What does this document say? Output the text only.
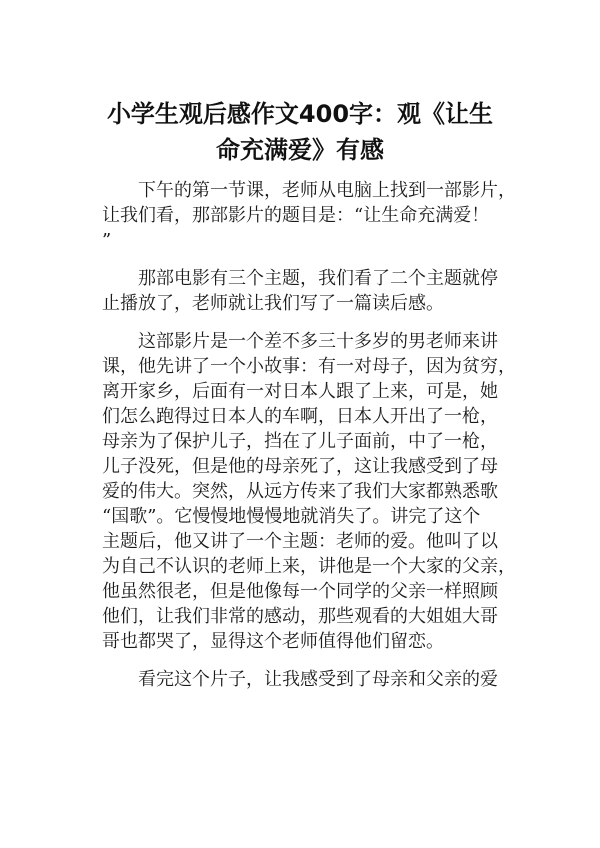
小学生观后感作文400字：观《让生
命充满爱》有感
下午的第一节课，老师从电脑上找到一部影片，
让我们看，那部影片的题目是：“让生命充满爱！
”
那部电影有三个主题，我们看了二个主题就停
止播放了，老师就让我们写了一篇读后感。
这部影片是一个差不多三十多岁的男老师来讲
课，他先讲了一个小故事：有一对母子，因为贫穷，
离开家乡，后面有一对日本人跟了上来，可是，她
们怎么跑得过日本人的车啊，日本人开出了一枪，
母亲为了保护儿子，挡在了儿子面前，中了一枪，
儿子没死，但是他的母亲死了，这让我感受到了母
爱的伟大。突然，从远方传来了我们大家都熟悉歌
“国歌”。它慢慢地慢慢地就消失了。讲完了这个
主题后，他又讲了一个主题：老师的爱。他叫了以
为自己不认识的老师上来，讲他是一个大家的父亲，
他虽然很老，但是他像每一个同学的父亲一样照顾
他们，让我们非常的感动，那些观看的大姐姐大哥
哥也都哭了，显得这个老师值得他们留恋。
看完这个片子，让我感受到了母亲和父亲的爱
